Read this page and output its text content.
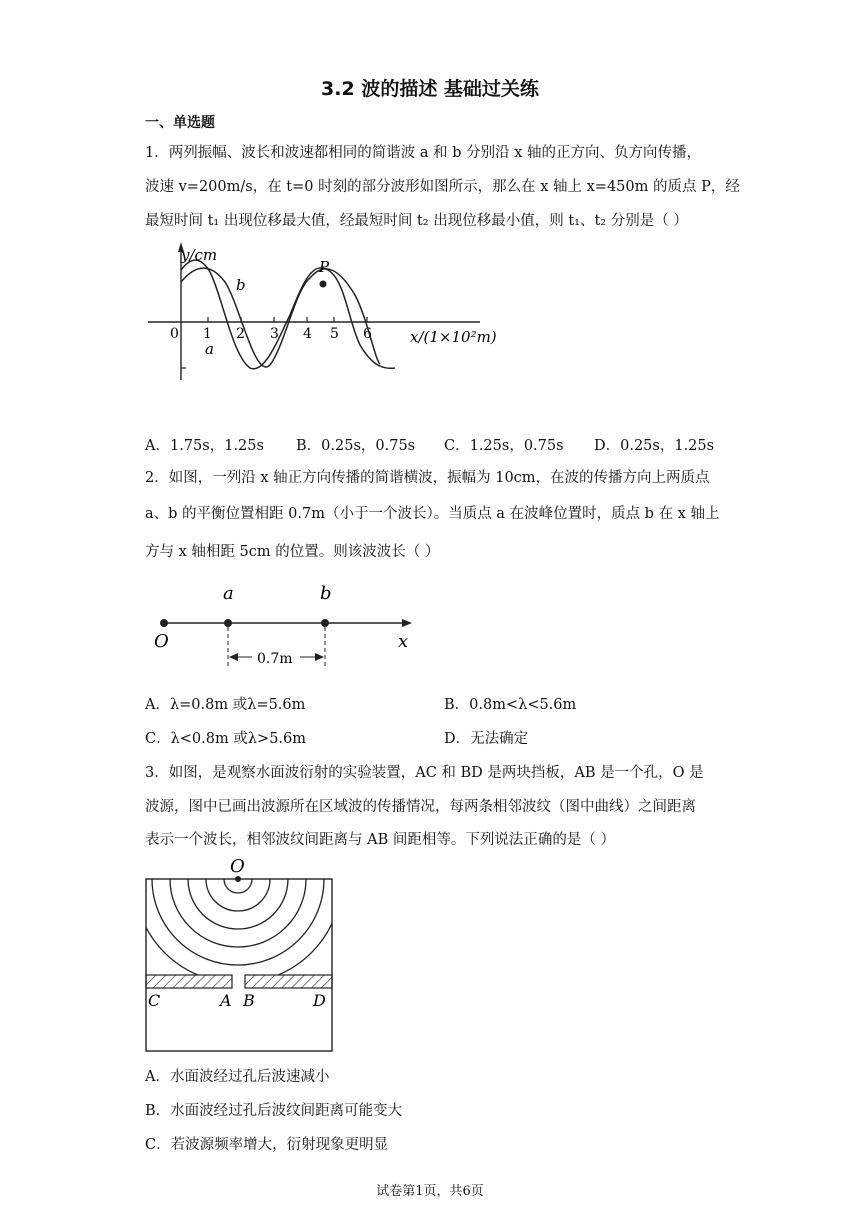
3.2 波的描述 基础过关练
一、单选题
1．两列振幅、波长和波速都相同的简谐波 a 和 b 分别沿 x 轴的正方向、负方向传播，
波速 v=200m/s，在 t=0 时刻的部分波形如图所示，那么在 x 轴上 x=450m 的质点 P，经
最短时间 t₁ 出现位移最大值，经最短时间 t₂ 出现位移最小值，则 t₁、t₂ 分别是（ ）
y/cm
x/(1×10²m)
0 1 2 3 4 5 6
a
b
P
A．1.75s，1.25s B．0.25s，0.75s C．1.25s，0.75s D．0.25s，1.25s
2．如图，一列沿 x 轴正方向传播的简谐横波，振幅为 10cm，在波的传播方向上两质点
a、b 的平衡位置相距 0.7m（小于一个波长）。当质点 a 在波峰位置时，质点 b 在 x 轴上
方与 x 轴相距 5cm 的位置。则该波波长（ ）
O
a	b
x
0.7m
A．λ=0.8m 或λ=5.6m	B．0.8m<λ<5.6m
C．λ<0.8m 或λ>5.6m	D．无法确定
3．如图，是观察水面波衍射的实验装置，AC 和 BD 是两块挡板，AB 是一个孔，O 是
波源，图中已画出波源所在区域波的传播情况，每两条相邻波纹（图中曲线）之间距离
表示一个波长，相邻波纹间距离与 AB 间距相等。下列说法正确的是（ ）
O
C	A B	D
A．水面波经过孔后波速减小
B．水面波经过孔后波纹间距离可能变大
C．若波源频率增大，衍射现象更明显
试卷第1页，共6页
